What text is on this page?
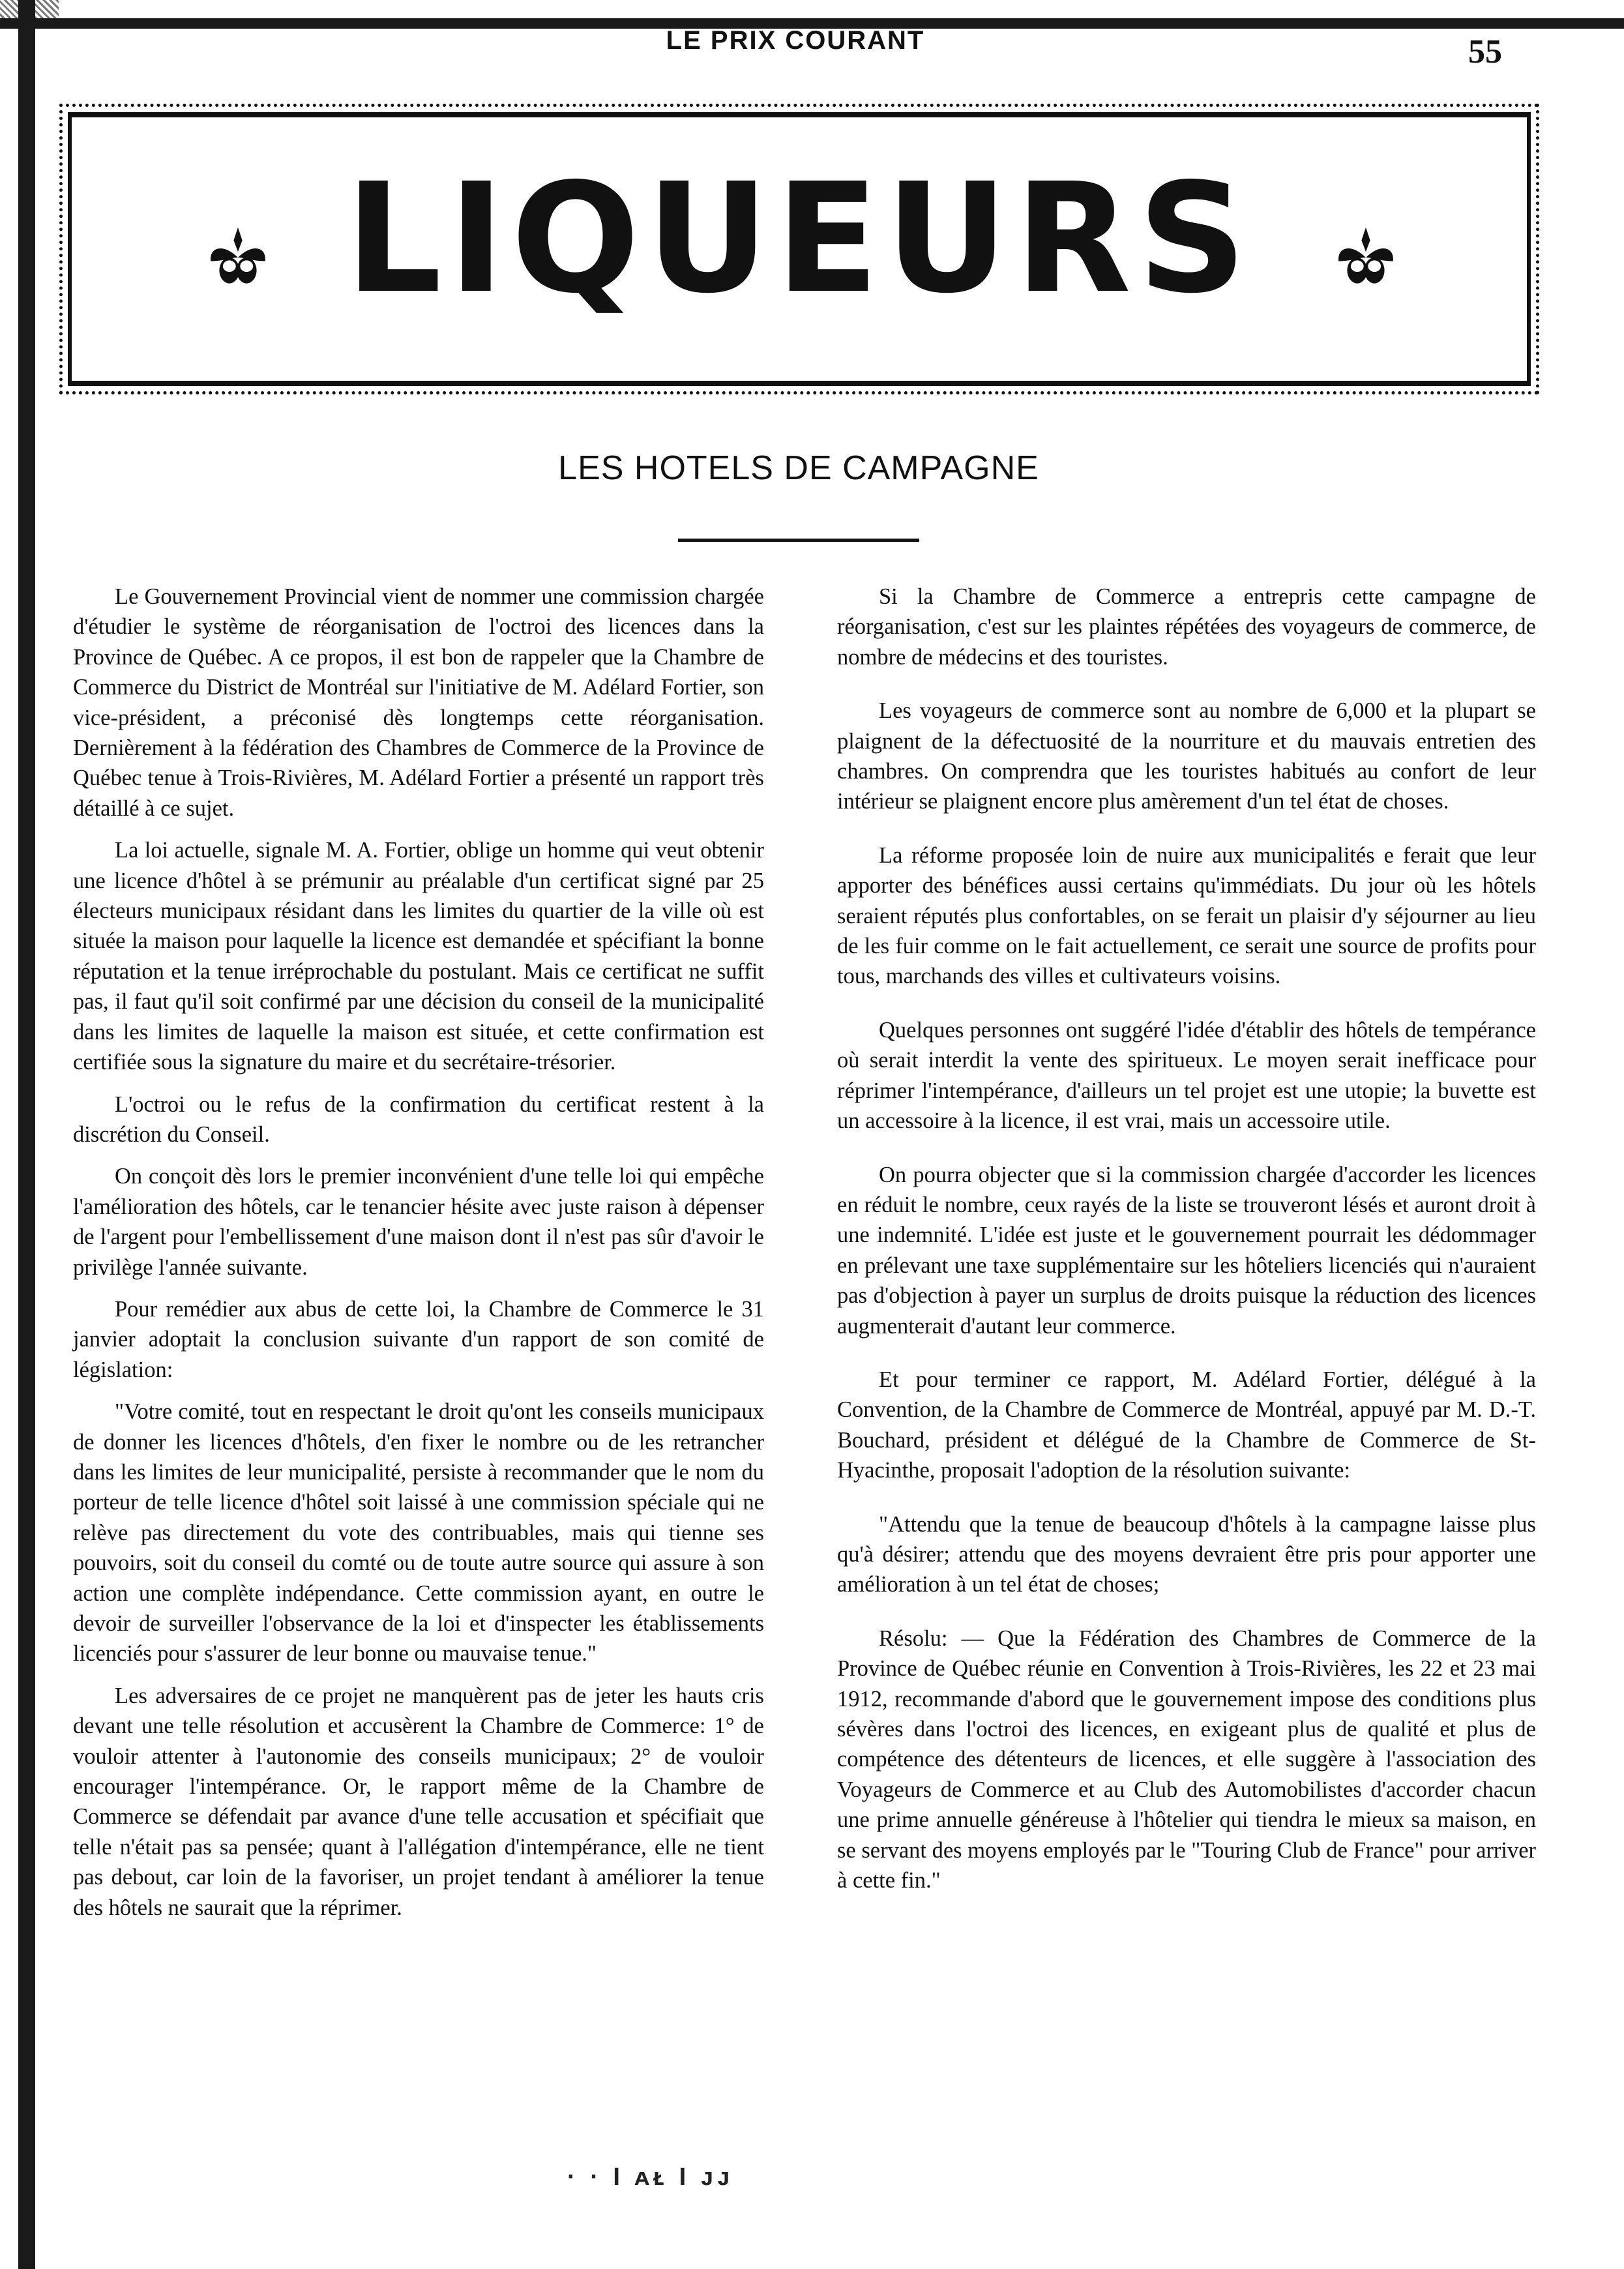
LE PRIX COURANT	55
LIQUEURS
LES HOTELS DE CAMPAGNE

Le Gouvernement Provincial vient de nommer une commission chargée d'étudier le système de réorganisation de l'octroi des licences dans la Province de Québec. A ce propos, il est bon de rappeler que la Chambre de Commerce du District de Montréal sur l'initiative de M. Adélard Fortier, son vice-président, a préconisé dès longtemps cette réorganisation. Dernièrement à la fédération des Chambres de Commerce de la Province de Québec tenue à Trois-Rivières, M. Adélard Fortier a présenté un rapport très détaillé à ce sujet.

La loi actuelle, signale M. A. Fortier, oblige un homme qui veut obtenir une licence d'hôtel à se prémunir au préalable d'un certificat signé par 25 électeurs municipaux résidant dans les limites du quartier de la ville où est située la maison pour laquelle la licence est demandée et spécifiant la bonne réputation et la tenue irréprochable du postulant. Mais ce certificat ne suffit pas, il faut qu'il soit confirmé par une décision du conseil de la municipalité dans les limites de laquelle la maison est située, et cette confirmation est certifiée sous la signature du maire et du secrétaire-trésorier.

L'octroi ou le refus de la confirmation du certificat restent à la discrétion du Conseil.

On conçoit dès lors le premier inconvénient d'une telle loi qui empêche l'amélioration des hôtels, car le tenancier hésite avec juste raison à dépenser de l'argent pour l'embellissement d'une maison dont il n'est pas sûr d'avoir le privilège l'année suivante.

Pour remédier aux abus de cette loi, la Chambre de Commerce le 31 janvier adoptait la conclusion suivante d'un rapport de son comité de législation:

"Votre comité, tout en respectant le droit qu'ont les conseils municipaux de donner les licences d'hôtels, d'en fixer le nombre ou de les retrancher dans les limites de leur municipalité, persiste à recommander que le nom du porteur de telle licence d'hôtel soit laissé à une commission spéciale qui ne relève pas directement du vote des contribuables, mais qui tienne ses pouvoirs, soit du conseil du comté ou de toute autre source qui assure à son action une complète indépendance. Cette commission ayant, en outre le devoir de surveiller l'observance de la loi et d'inspecter les établissements licenciés pour s'assurer de leur bonne ou mauvaise tenue."

Les adversaires de ce projet ne manquèrent pas de jeter les hauts cris devant une telle résolution et accusèrent la Chambre de Commerce: 1° de vouloir attenter à l'autonomie des conseils municipaux; 2° de vouloir encourager l'intempérance. Or, le rapport même de la Chambre de Commerce se défendait par avance d'une telle accusation et spécifiait que telle n'était pas sa pensée; quant à l'allégation d'intempérance, elle ne tient pas debout, car loin de la favoriser, un projet tendant à améliorer la tenue des hôtels ne saurait que la réprimer.

Si la Chambre de Commerce a entrepris cette campagne de réorganisation, c'est sur les plaintes répétées des voyageurs de commerce, de nombre de médecins et des touristes.

Les voyageurs de commerce sont au nombre de 6,000 et la plupart se plaignent de la défectuosité de la nourriture et du mauvais entretien des chambres. On comprendra que les touristes habitués au confort de leur intérieur se plaignent encore plus amèrement d'un tel état de choses.

La réforme proposée loin de nuire aux municipalités e ferait que leur apporter des bénéfices aussi certains qu'immédiats. Du jour où les hôtels seraient réputés plus confortables, on se ferait un plaisir d'y séjourner au lieu de les fuir comme on le fait actuellement, ce serait une source de profits pour tous, marchands des villes et cultivateurs voisins.

Quelques personnes ont suggéré l'idée d'établir des hôtels de tempérance où serait interdit la vente des spiritueux. Le moyen serait inefficace pour réprimer l'intempérance, d'ailleurs un tel projet est une utopie; la buvette est un accessoire à la licence, il est vrai, mais un accessoire utile.

On pourra objecter que si la commission chargée d'accorder les licences en réduit le nombre, ceux rayés de la liste se trouveront lésés et auront droit à une indemnité. L'idée est juste et le gouvernement pourrait les dédommager en prélevant une taxe supplémentaire sur les hôteliers licenciés qui n'auraient pas d'objection à payer un surplus de droits puisque la réduction des licences augmenterait d'autant leur commerce.

Et pour terminer ce rapport, M. Adélard Fortier, délégué à la Convention, de la Chambre de Commerce de Montréal, appuyé par M. D.-T. Bouchard, président et délégué de la Chambre de Commerce de St-Hyacinthe, proposait l'adoption de la résolution suivante:

"Attendu que la tenue de beaucoup d'hôtels à la campagne laisse plus qu'à désirer; attendu que des moyens devraient être pris pour apporter une amélioration à un tel état de choses;

Résolu: — Que la Fédération des Chambres de Commerce de la Province de Québec réunie en Convention à Trois-Rivières, les 22 et 23 mai 1912, recommande d'abord que le gouvernement impose des conditions plus sévères dans l'octroi des licences, en exigeant plus de qualité et plus de compétence des détenteurs de licences, et elle suggère à l'association des Voyageurs de Commerce et au Club des Automobilistes d'accorder chacun une prime annuelle généreuse à l'hôtelier qui tiendra le mieux sa maison, en se servant des moyens employés par le "Touring Club de France" pour arriver à cette fin."

· · I ᴀᴌ I ᴊᴊ
